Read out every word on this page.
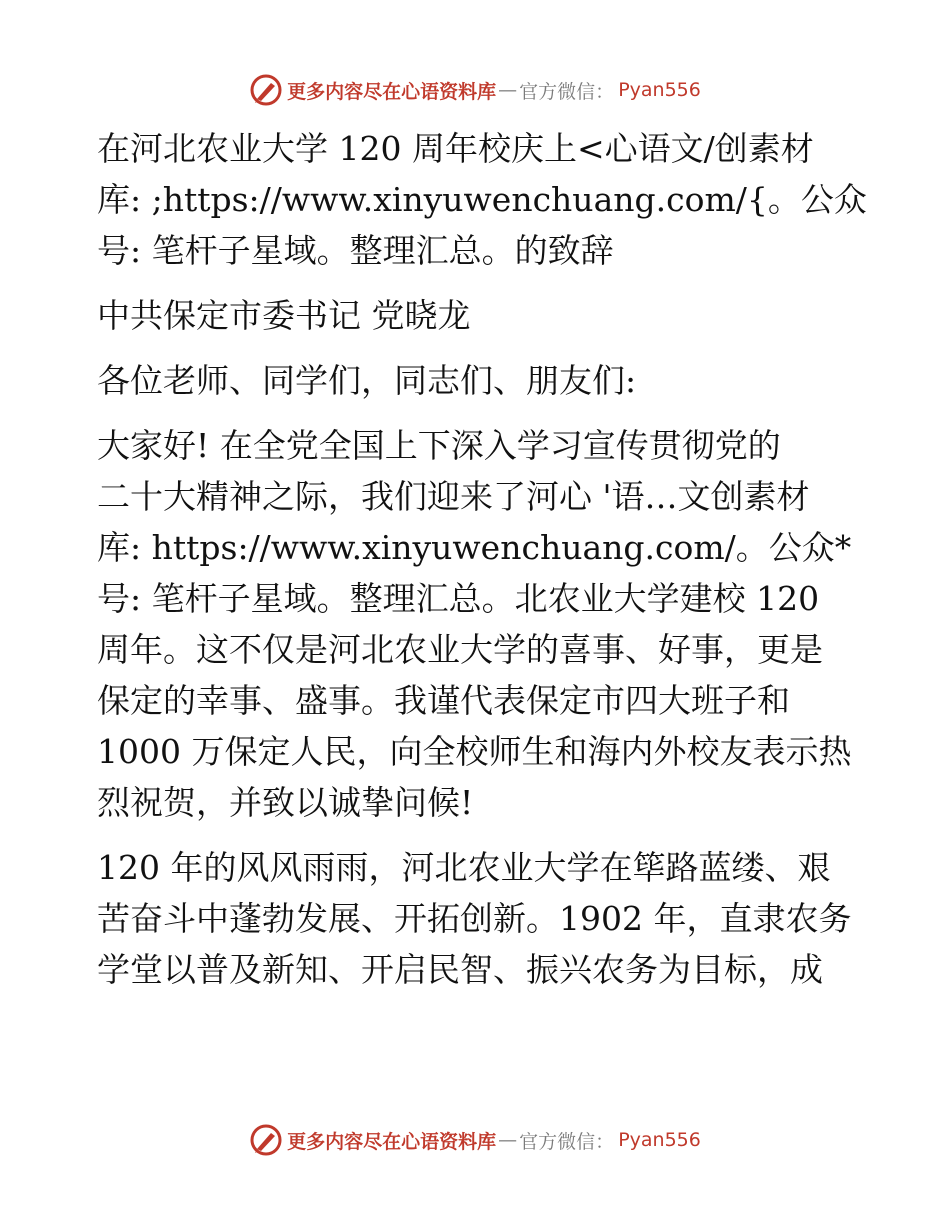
更多内容尽在心语资料库 — 官方微信： Pyan556
在河北农业大学 120 周年校庆上<心语文/创素材
库: ;https://www.xinyuwenchuang.com/{。公众
号: 笔杆子星域。整理汇总。的致辞
中共保定市委书记 党晓龙
各位老师、同学们，同志们、朋友们:
大家好! 在全党全国上下深入学习宣传贯彻党的
二十大精神之际，我们迎来了河心 '语…文创素材
库: https://www.xinyuwenchuang.com/。公众*
号: 笔杆子星域。整理汇总。北农业大学建校 120
周年。这不仅是河北农业大学的喜事、好事，更是
保定的幸事、盛事。我谨代表保定市四大班子和
1000 万保定人民，向全校师生和海内外校友表示热
烈祝贺，并致以诚挚问候!
120 年的风风雨雨，河北农业大学在筚路蓝缕、艰
苦奋斗中蓬勃发展、开拓创新。1902 年，直隶农务
学堂以普及新知、开启民智、振兴农务为目标，成
更多内容尽在心语资料库 — 官方微信： Pyan556
